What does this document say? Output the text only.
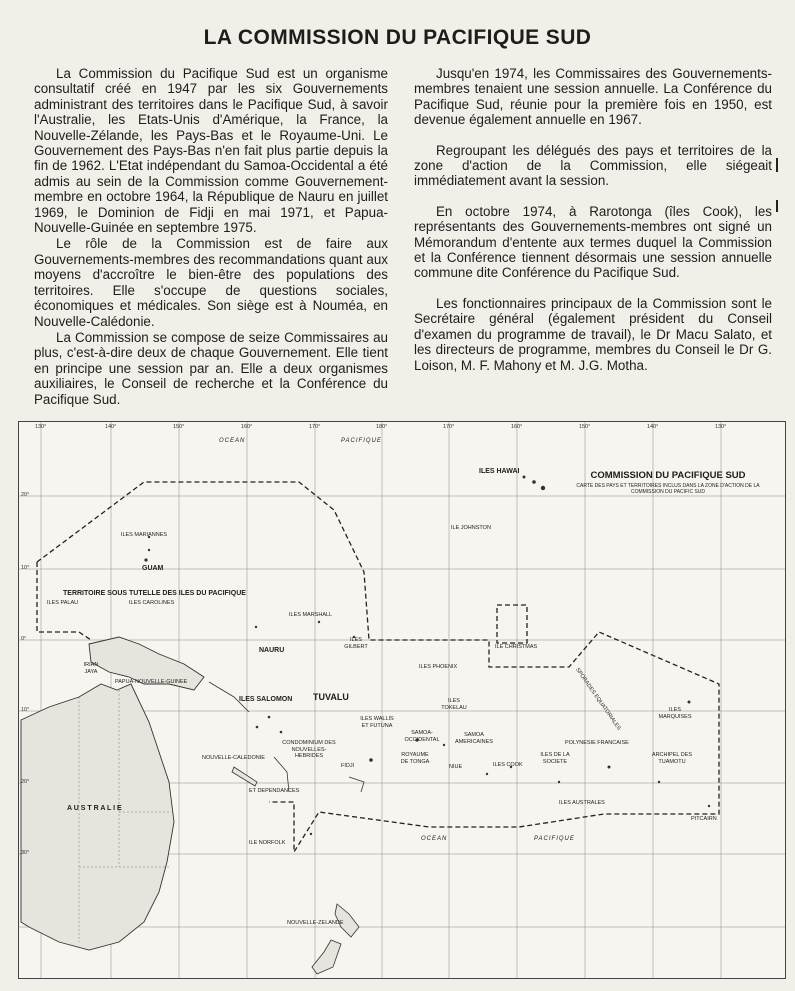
LA COMMISSION DU PACIFIQUE SUD

La Commission du Pacifique Sud est un organisme consultatif créé en 1947 par les six Gouvernements administrant des territoires dans le Pacifique Sud, à savoir l'Australie, les Etats-Unis d'Amérique, la France, la Nouvelle-Zélande, les Pays-Bas et le Royaume-Uni. Le Gouvernement des Pays-Bas n'en fait plus partie depuis la fin de 1962. L'Etat indépendant du Samoa-Occidental a été admis au sein de la Commission comme Gouvernement-membre en octobre 1964, la République de Nauru en juillet 1969, le Dominion de Fidji en mai 1971, et Papua-Nouvelle-Guinée en septembre 1975.

Le rôle de la Commission est de faire aux Gouvernements-membres des recommandations quant aux moyens d'accroître le bien-être des populations des territoires. Elle s'occupe de questions sociales, économiques et médicales. Son siège est à Nouméa, en Nouvelle-Calédonie.

La Commission se compose de seize Commissaires au plus, c'est-à-dire deux de chaque Gouvernement. Elle tient en principe une session par an. Elle a deux organismes auxiliaires, le Conseil de recherche et la Conférence du Pacifique Sud.

Jusqu'en 1974, les Commissaires des Gouvernements-membres tenaient une session annuelle. La Conférence du Pacifique Sud, réunie pour la première fois en 1950, est devenue également annuelle en 1967.

Regroupant les délégués des pays et territoires de la zone d'action de la Commission, elle siégeait immédiatement avant la session.

En octobre 1974, à Rarotonga (îles Cook), les représentants des Gouvernements-membres ont signé un Mémorandum d'entente aux termes duquel la Commission et la Conférence tiennent désormais une session annuelle commune dite Conférence du Pacifique Sud.

Les fonctionnaires principaux de la Commission sont le Secrétaire général (également président du Conseil d'examen du programme de travail), le Dr Macu Salato, et les directeurs de programme, membres du Conseil le Dr G. Loison, M. F. Mahony et M. J.G. Motha.

130°	140°	150°	160°	170°	180°	170°	160°	150°	140°	130°
20°
10°
0°
10°
20°
30°
COMMISSION DU PACIFIQUE SUD
CARTE DES PAYS ET TERRITOIRES INCLUS DANS LA ZONE D'ACTION DE LA COMMISSION DU PACIFIC SUD
OCEAN	PACIFIQUE
OCEAN	PACIFIQUE
ILES HAWAI
ILE JOHNSTON
ILES MARIANNES
GUAM
TERRITOIRE SOUS TUTELLE DES ILES DU PACIFIQUE
ILES CAROLINES
ILES PALAU
ILES MARSHALL
NAURU
ILES GILBERT
ILES PHOENIX
ILE CHRISTMAS
IRIAN JAYA
PAPUA-NOUVELLE-GUINEE
ILES SALOMON TUVALU	ILES TOKELAU
ILES WALLIS ET FUTUNA
SAMOA-OCCIDENTAL
SAMOA AMERICAINES
CONDOMINIUM DES NOUVELLES-HEBRIDES
FIDJI
ROYAUME DE TONGA
NIUE	ILES COOK
ILES DE LA SOCIETE
ILES MARQUISES
POLYNESIE FRANCAISE
ARCHIPEL DES TUAMOTU
ILES AUSTRALES
PITCAIRN
NOUVELLE-CALEDONIE
ET DEPENDANCES
ILE NORFOLK
A U S T R A L I E
NOUVELLE-ZELANDE
SPORADES EQUATORIALES
